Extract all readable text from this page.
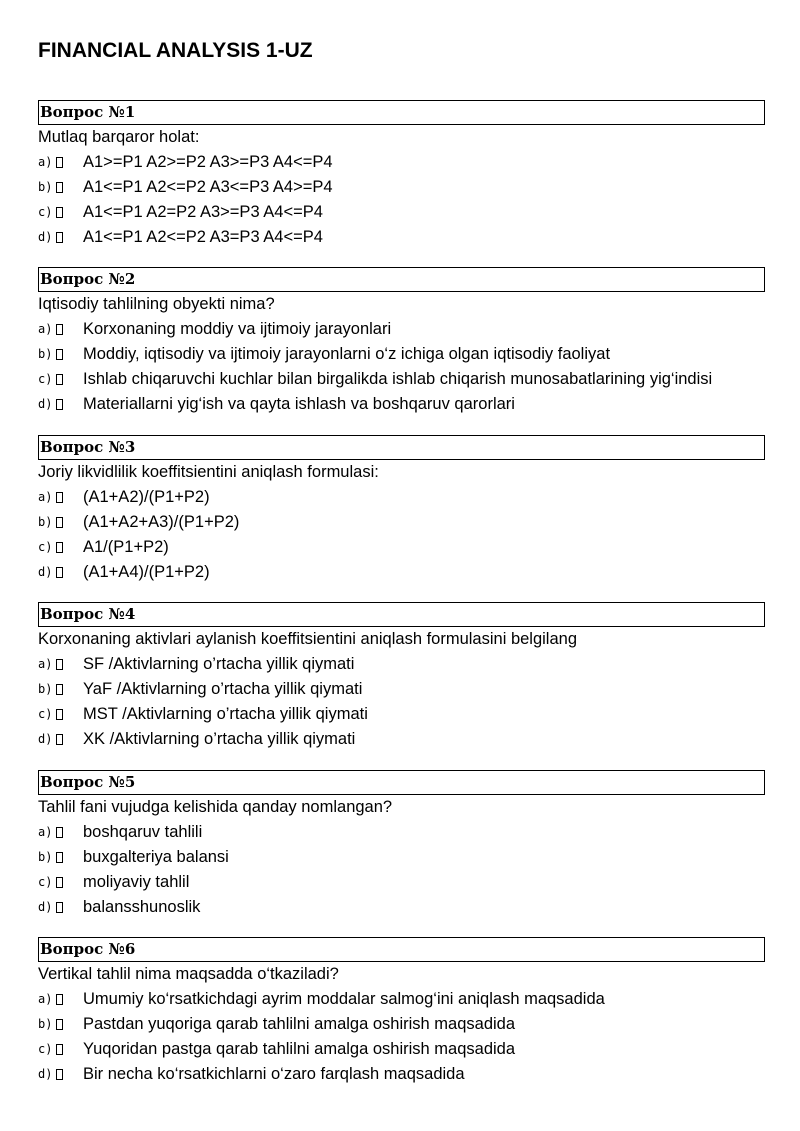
FINANCIAL ANALYSIS 1-UZ
Вопрос №1
Mutlaq barqaror holat:
a) A1>=P1 A2>=P2 A3>=P3 A4<=P4
b) A1<=P1 A2<=P2 A3<=P3 A4>=P4
c) A1<=P1 A2=P2 A3>=P3 A4<=P4
d) A1<=P1 A2<=P2 A3=P3 A4<=P4
Вопрос №2
Iqtisodiy tahlilning obyekti nima?
a) Korxonaning moddiy va ijtimoiy jarayonlari
b) Moddiy, iqtisodiy va ijtimoiy jarayonlarni o‘z ichiga olgan iqtisodiy faoliyat
c) Ishlab chiqaruvchi kuchlar bilan birgalikda ishlab chiqarish munosabatlarining yig‘indisi
d) Materiallarni yig‘ish va qayta ishlash va boshqaruv qarorlari
Вопрос №3
Joriy likvidlilik koeffitsientini aniqlash formulasi:
a) (A1+A2)/(P1+P2)
b) (A1+A2+A3)/(P1+P2)
c) A1/(P1+P2)
d) (A1+A4)/(P1+P2)
Вопрос №4
Korxonaning aktivlari aylanish koeffitsientini aniqlash formulasini belgilang
a) SF /Aktivlarning o’rtacha yillik qiymati
b) YaF /Aktivlarning o’rtacha yillik qiymati
c) MST /Aktivlarning o’rtacha yillik qiymati
d) XK /Aktivlarning o’rtacha yillik qiymati
Вопрос №5
Tahlil fani vujudga kelishida qanday nomlangan?
a) boshqaruv tahlili
b) buxgalteriya balansi
c) moliyaviy tahlil
d) balansshunoslik
Вопрос №6
Vertikal tahlil nima maqsadda o‘tkaziladi?
a) Umumiy ko‘rsatkichdagi ayrim moddalar salmog‘ini aniqlash maqsadida
b) Pastdan yuqoriga qarab tahlilni amalga oshirish maqsadida
c) Yuqoridan pastga qarab tahlilni amalga oshirish maqsadida
d) Bir necha ko‘rsatkichlarni o‘zaro farqlash maqsadida
